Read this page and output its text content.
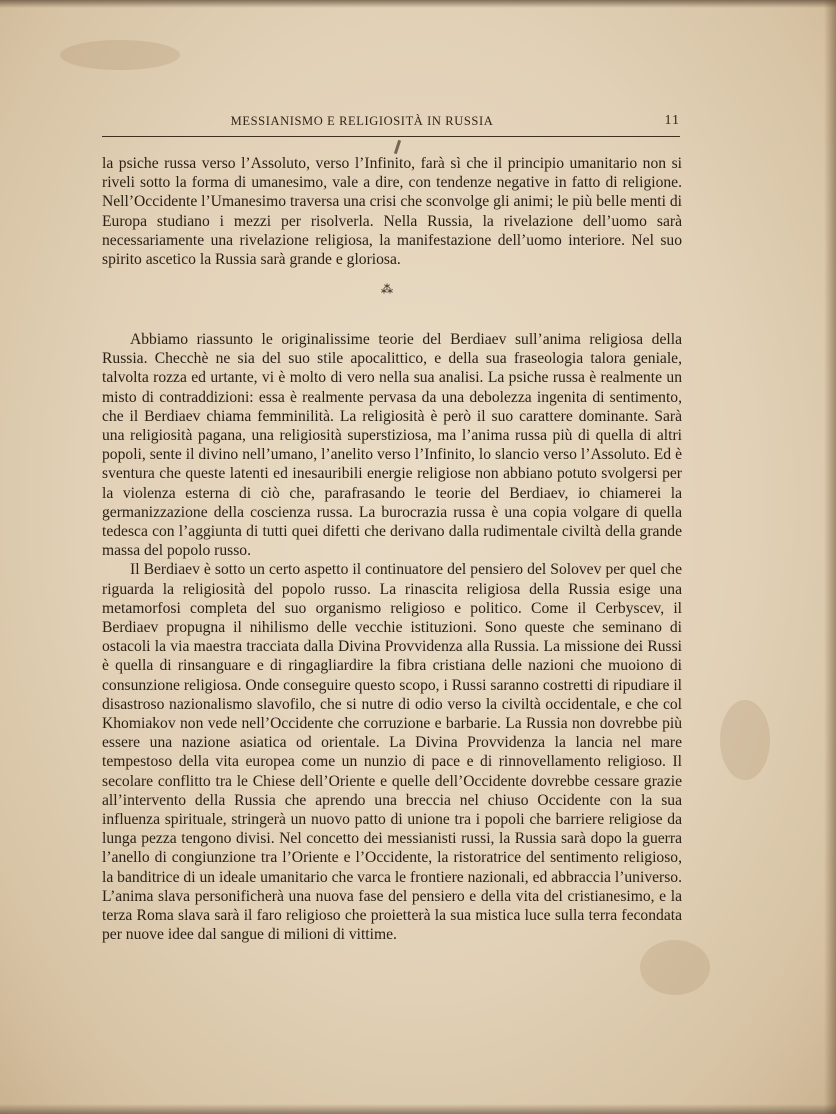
MESSIANISMO E RELIGIOSITÀ IN RUSSIA	11

la psiche russa verso l’Assoluto, verso l’Infinito, farà sì che il principio umanitario non si riveli sotto la forma di umanesimo, vale a dire, con tendenze negative in fatto di religione. Nell’Occidente l’Umanesimo traversa una crisi che sconvolge gli animi; le più belle menti di Europa studiano i mezzi per risolverla. Nella Russia, la rivelazione dell’uomo sarà necessariamente una rivelazione religiosa, la manifestazione dell’uomo interiore. Nel suo spirito ascetico la Russia sarà grande e gloriosa.

⁂

Abbiamo riassunto le originalissime teorie del Berdiaev sull’anima religiosa della Russia. Checchè ne sia del suo stile apocalittico, e della sua fraseologia talora geniale, talvolta rozza ed urtante, vi è molto di vero nella sua analisi. La psiche russa è realmente un misto di contraddizioni: essa è realmente pervasa da una debolezza ingenita di sentimento, che il Berdiaev chiama femminilità. La religiosità è però il suo carattere dominante. Sarà una religiosità pagana, una religiosità superstiziosa, ma l’anima russa più di quella di altri popoli, sente il divino nell’umano, l’anelito verso l’Infinito, lo slancio verso l’Assoluto. Ed è sventura che queste latenti ed inesauribili energie religiose non abbiano potuto svolgersi per la violenza esterna di ciò che, parafrasando le teorie del Berdiaev, io chiamerei la germanizzazione della coscienza russa. La burocrazia russa è una copia volgare di quella tedesca con l’aggiunta di tutti quei difetti che derivano dalla rudimentale civiltà della grande massa del popolo russo.

Il Berdiaev è sotto un certo aspetto il continuatore del pensiero del Solovev per quel che riguarda la religiosità del popolo russo. La rinascita religiosa della Russia esige una metamorfosi completa del suo organismo religioso e politico. Come il Cerbyscev, il Berdiaev propugna il nihilismo delle vecchie istituzioni. Sono queste che seminano di ostacoli la via maestra tracciata dalla Divina Provvidenza alla Russia. La missione dei Russi è quella di rinsanguare e di ringagliardire la fibra cristiana delle nazioni che muoiono di consunzione religiosa. Onde conseguire questo scopo, i Russi saranno costretti di ripudiare il disastroso nazionalismo slavofilo, che si nutre di odio verso la civiltà occidentale, e che col Khomiakov non vede nell’Occidente che corruzione e barbarie. La Russia non dovrebbe più essere una nazione asiatica od orientale. La Divina Provvidenza la lancia nel mare tempestoso della vita europea come un nunzio di pace e di rinnovellamento religioso. Il secolare conflitto tra le Chiese dell’Oriente e quelle dell’Occidente dovrebbe cessare grazie all’intervento della Russia che aprendo una breccia nel chiuso Occidente con la sua influenza spirituale, stringerà un nuovo patto di unione tra i popoli che barriere religiose da lunga pezza tengono divisi. Nel concetto dei messianisti russi, la Russia sarà dopo la guerra l’anello di congiunzione tra l’Oriente e l’Occidente, la ristoratrice del sentimento religioso, la banditrice di un ideale umanitario che varca le frontiere nazionali, ed abbraccia l’universo. L’anima slava personificherà una nuova fase del pensiero e della vita del cristianesimo, e la terza Roma slava sarà il faro religioso che proietterà la sua mistica luce sulla terra fecondata per nuove idee dal sangue di milioni di vittime.
